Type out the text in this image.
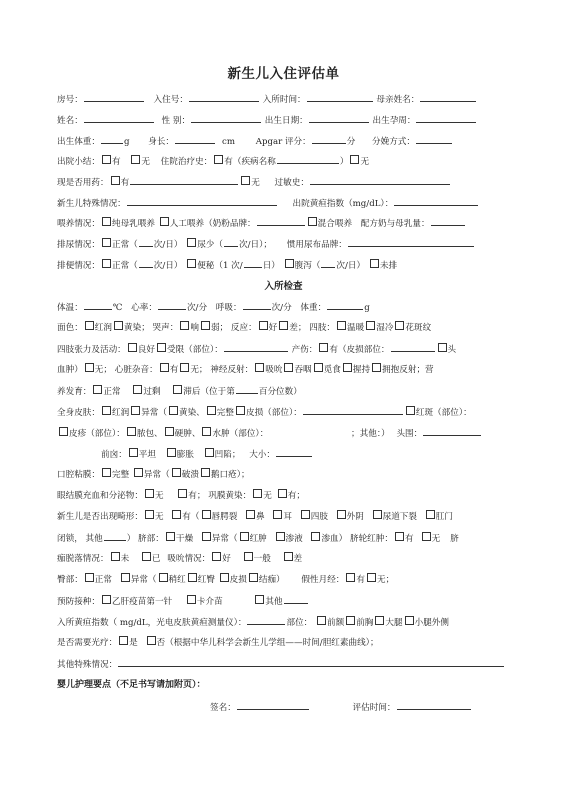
新生儿入住评估单
房号：	入住号：	入所时间：	母亲姓名：
姓名：	性 别：	出生日期：	出生孕周：
出生体重：	g 身长：	cm Apgar 评分：	分 分娩方式：
出院小结： 有 无 住院治疗史： 有（疾病名称	） 无
现是否用药： 有	无 过敏史：
新生儿特殊情况：	出院黄疸指数（mg/dL）：
喂养情况： 纯母乳喂养 人工喂养（奶粉品牌：	混合喂养 配方奶与母乳量：
排尿情况： 正常（ 次/日） 尿少（ 次/日）； 惯用尿布品牌：
排便情况： 正常（ 次/日） 便秘（1 次/ 日） 腹泻（ 次/日） 未排
入所检查
体温：	℃ 心率：	次/分 呼吸：	次/分 体重：	g
面色： 红润 黄染； 哭声： 响 弱； 反应： 好 差； 四肢： 温暖 湿冷 花斑纹
四肢张力及活动： 良好 受限（部位）：	产伤： 有（皮损部位：	头
血肿） 无； 心脏杂音： 有 无； 神经反射： 吸吮 吞咽 觅食 握持 拥抱反射；营
养发育： 正常	过剩	滞后（位于第	百分位数）
全身皮肤： 红润 异常（ 黄染、 完整 皮损（部位）：	红斑（部位）：
皮疹（部位）： 脓包、 硬肿、 水肿（部位）：	；其他：） 头围：
前囟： 平坦 膨胀 凹陷； 大小：
口腔粘膜： 完整 异常（ 破溃 鹅口疮）；
眼结膜充血和分泌物： 无	有； 巩膜黄染： 无 有；
新生儿是否出现畸形： 无 有（ 唇腭裂 鼻 耳 四肢 外阴 尿道下裂 肛门
闭锁， 其他	） 脐部： 干燥 异常（ 红肿 渗液 渗血） 脐轮红肿： 有 无 脐
痂脱落情况： 未	已 吸吮情况： 好	一般	差
臀部： 正常 异常（ 稍红 红臀 皮损 结痂） 假性月经： 有 无；
预防接种： 乙肝疫苗第一针	卡介苗	其他
入所黄疸指数（ mg/dL，光电皮肤黄疸测量仪）：	部位： 前额 前胸 大腿 小腿外侧
是否需要光疗： 是 否（根据中华儿科学会新生儿学组——时间/胆红素曲线）；
其他特殊情况：
婴儿护理要点（不足书写请加附页）：
签名：	评估时间：
